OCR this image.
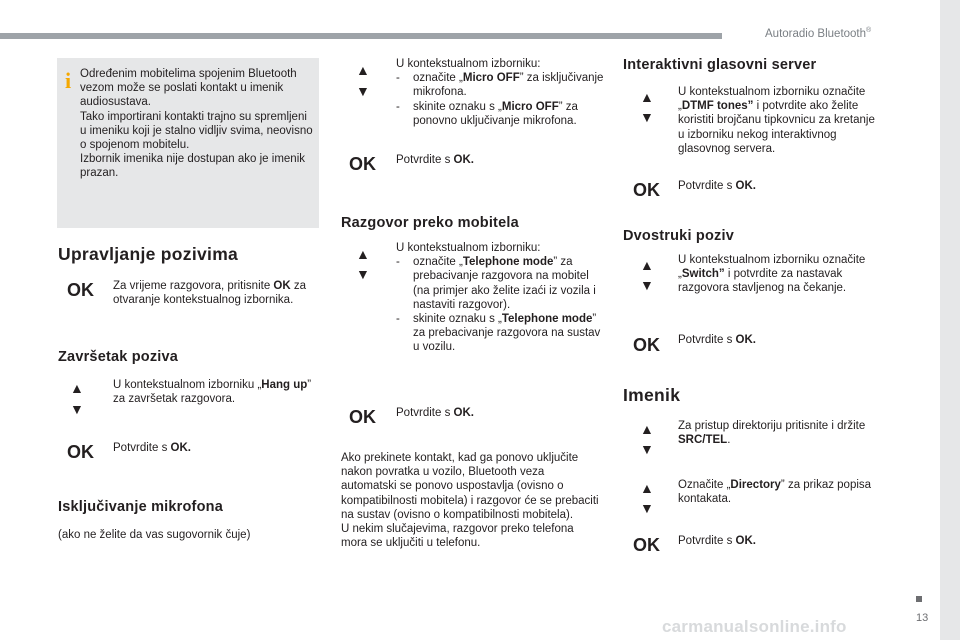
Autoradio Bluetooth®
13
carmanualsonline.info
i Određenim mobitelima spojenim Bluetooth vezom može se poslati kontakt u imenik audiosustava.
Tako importirani kontakti trajno su spremljeni u imeniku koji je stalno vidljiv svima, neovisno o spojenom mobitelu.
Izbornik imenika nije dostupan ako je imenik prazan.
Upravljanje pozivima
OK Za vrijeme razgovora, pritisnite OK za otvaranje kontekstualnog izbornika.
Završetak poziva
▲
▼
U kontekstualnom izborniku „Hang up” za završetak razgovora.
OK Potvrdite s OK.
Isključivanje mikrofona
(ako ne želite da vas sugovornik čuje)
▲
▼
U kontekstualnom izborniku:
-	označite „Micro OFF” za isključivanje mikrofona.
-	skinite oznaku s „Micro OFF” za ponovno uključivanje mikrofona.
OK Potvrdite s OK.
Razgovor preko mobitela
▲
▼
U kontekstualnom izborniku:
-	označite „Telephone mode” za prebacivanje razgovora na mobitel (na primjer ako želite izaći iz vozila i nastaviti razgovor).
-	skinite oznaku s „Telephone mode” za prebacivanje razgovora na sustav u vozilu.
OK Potvrdite s OK.
Ako prekinete kontakt, kad ga ponovo uključite nakon povratka u vozilo, Bluetooth veza automatski se ponovo uspostavlja (ovisno o kompatibilnosti mobitela) i razgovor će se prebaciti na sustav (ovisno o kompatibilnosti mobitela).
U nekim slučajevima, razgovor preko telefona mora se uključiti u telefonu.
Interaktivni glasovni server
▲
▼
U kontekstualnom izborniku označite „DTMF tones” i potvrdite ako želite koristiti brojčanu tipkovnicu za kretanje u izborniku nekog interaktivnog glasovnog servera.
OK Potvrdite s OK.
Dvostruki poziv
▲
▼
U kontekstualnom izborniku označite „Switch” i potvrdite za nastavak razgovora stavljenog na čekanje.
OK Potvrdite s OK.
Imenik
▲
▼
Za pristup direktoriju pritisnite i držite SRC/TEL.
▲
▼
Označite „Directory” za prikaz popisa kontakata.
OK Potvrdite s OK.
